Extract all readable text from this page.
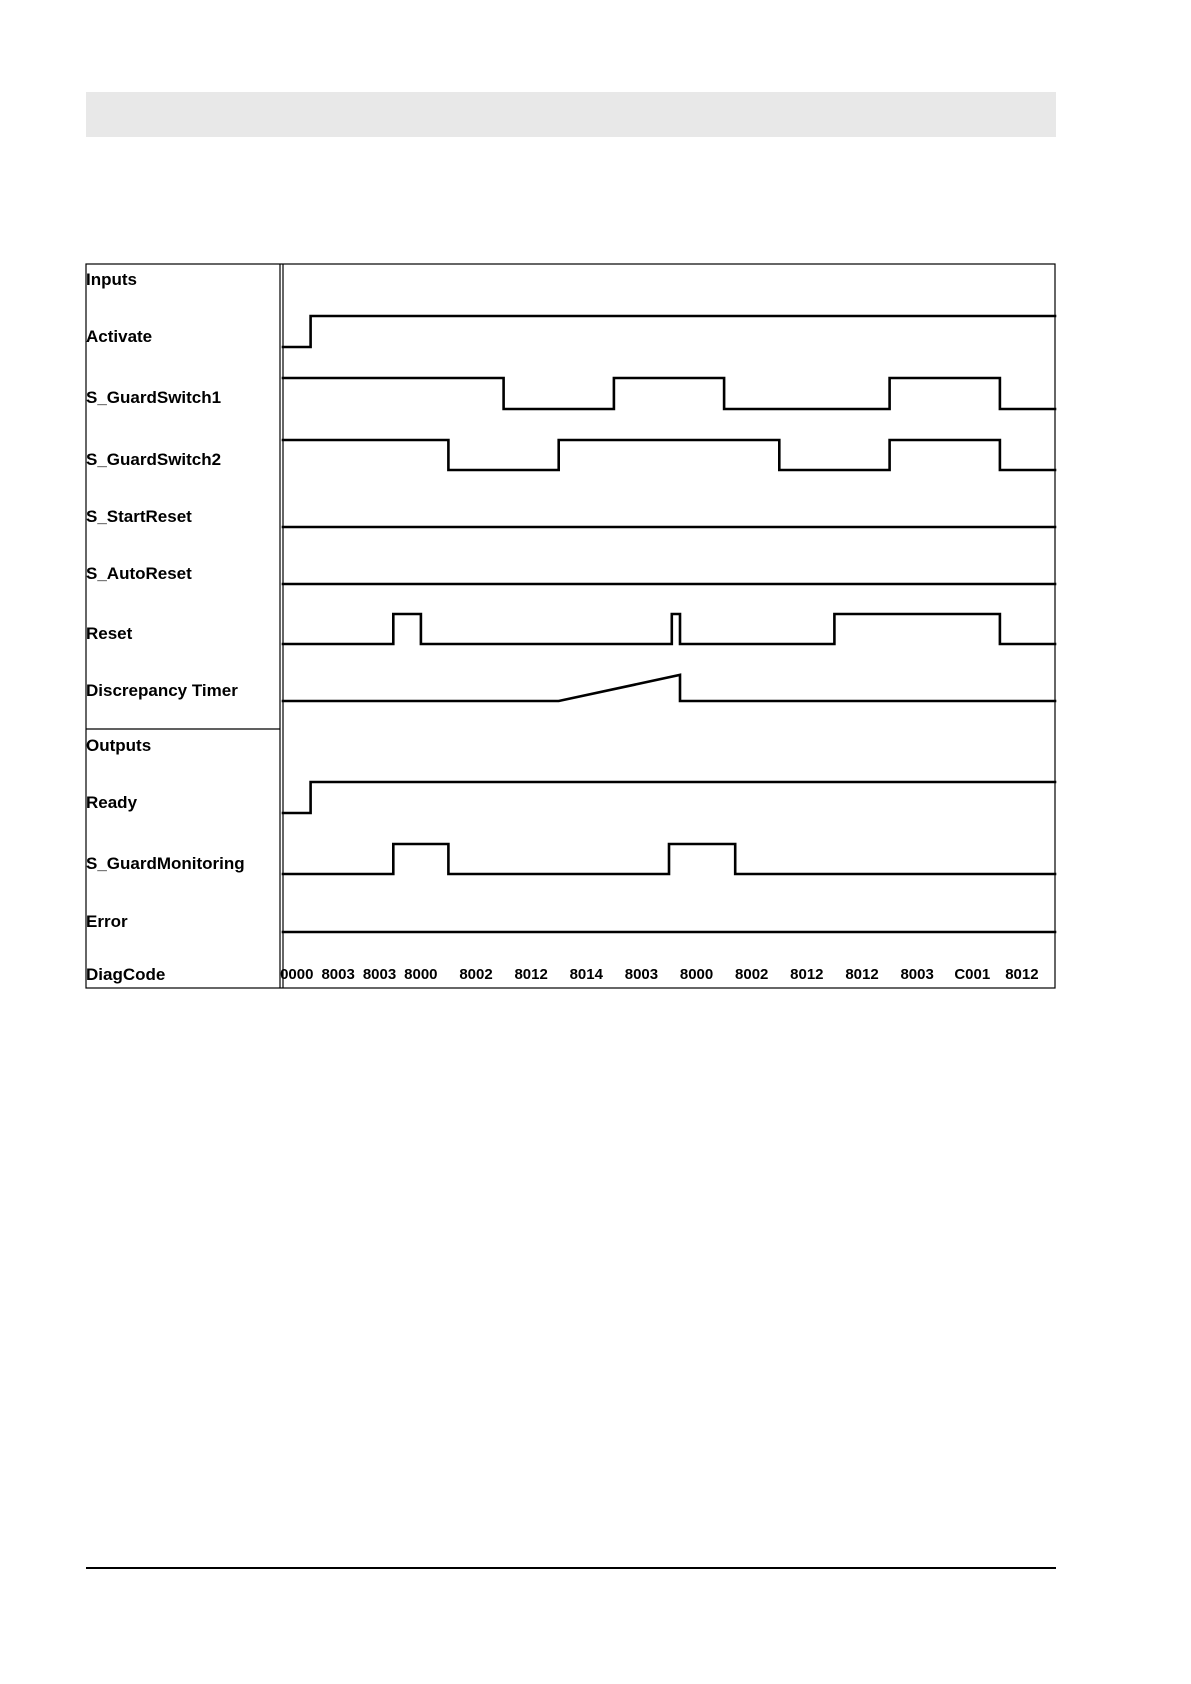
Inputs
Outputs
Activate
S_GuardSwitch1
S_GuardSwitch2
S_StartReset
S_AutoReset
Reset
Discrepancy Timer
Ready
S_GuardMonitoring
Error
DiagCode	0000 8003 8003 8000 8002 8012 8014 8003 8000 8002 8012 8012 8003 C001 8012
